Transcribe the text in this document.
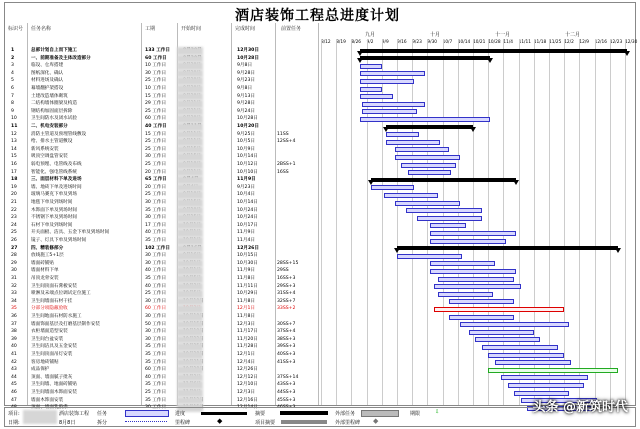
酒店装饰工程总进度计划
标识号 任务名称	工期	开始时间	完成时间	前置任务
九月	十月	十一月	十二月
8/12 8/19 8/26 9/2 9/9 9/16 9/23 9/30 10/7 10/14 10/21 10/28 11/4 11/11 11/18 11/25 12/2 12/9 12/16 12/23 12/30
1	总部计划自上而下施工	133 工作日	12月30日
2	一、前期准备及主体改造部分	60 工作日	10月28日
3	临设、仓库搭建	10 工作日	9月8日
4	图纸深化、确认	30 工作日	9月28日
5	材料进场及确认	25 工作日	9月23日
6	幕墙翻护架搭设	10 工作日	9月8日
7	土建改造墙体砌筑	15 工作日	9月13日
8	二结构墙体圈梁及构造	29 工作日	9月28日
9	钢结构加固面层拆除	25 工作日	9月24日
10	卫生间防水及闭水试验	60 工作日	10月28日
11	二、机电安装部分	40 工作日	10月20日
12	消防主管道及预埋管线敷设	15 工作日	9月25日	11SS
13	给、排水主管道敷设	25 工作日	10月5日	12SS+4
14	新风系统安装	25 工作日	10月9日
15	吸顶空调盘管安装	30 工作日	10月14日
16	弱电预埋、电管线及布线	25 工作日	10月12日	2BSS+1
17	智能化、强电管线系统	20 工作日	10月10日	16SS
18	三、面层材料下单及进场	65 工作日	11月9日
19	墙、地砖下单及进场时间	20 工作日	9月23日
20	玻璃马赛克下单及到场	25 工作日	10月4日
21	地毯下单及到场时间	30 工作日	10月14日
22	木饰面下单及到场时间	35 工作日	10月24日
23	不锈钢下单及到场时间	30 工作日	10月24日
24	石材下单及到场时间	17 工作日	10月17日
25	开关面板、洁具、五金下单及到场时间	40 工作日	11月9日
26	镜子、灯具下单及到场时间	35 工作日	11月4日
27	四、精装修部分	102 工作日	12月26日
28	放线施工5+1层	30 工作日	10月15日
29	墙面砖铺贴	30 工作日	10月30日	28SS+15
30	墙面材料下单	40 工作日	11月9日	29SS
31	吊顶龙骨安装	35 工作日	11月8日	16SS+3
32	卫生间顶面石膏板安装	40 工作日	11月11日	29SS+3
33	喷淋及末端点位调试定位施工	25 工作日	10月29日	31SS+4
34	卫生间墙面石材干挂	30 工作日	11月8日	32SS+7
35	分部分项隐蔽验收	60 工作日	12月1日	33SS+2
36	卫生间地面石材防水施工	30 工作日	11月8日
37	墙面饰面基层及打磨基层制作安装	50 工作日	12月3日	30SS+7
38	衣柜墙面造型安装	30 工作日	11月17日	37SS+4
39	卫生间台盆安装	30 工作日	11月20日	38SS+3
40	卫生间洁具及五金安装	35 工作日	11月28日	39SS+3
41	卫生间顶面吊灯安装	35 工作日	12月1日	40SS+3
42	客房地砖铺贴	35 工作日	12月4日	41SS+3
43	成品保护	60 工作日	12月26日
44	顶面、墙面腻子批灰	40 工作日	12月12日	37SS+14
45	卫生间墙、地面砖铺贴	35 工作日	12月10日	43SS+3
46	卫生间墙面木饰面安装	25 工作日	12月3日	44SS+3
47	墙面木饰面安装	35 工作日	12月16日	45SS+3
48	顶面、墙面乳胶漆	30 工作日	12月14日	46SS+3
项目:	酒店装饰工程
日期:	8月8日
任务	进度	摘要	外部任务	期限	⇩
拆分	里程碑	◆	项目摘要	外部里程碑 ◆
头条 @新筑时代
